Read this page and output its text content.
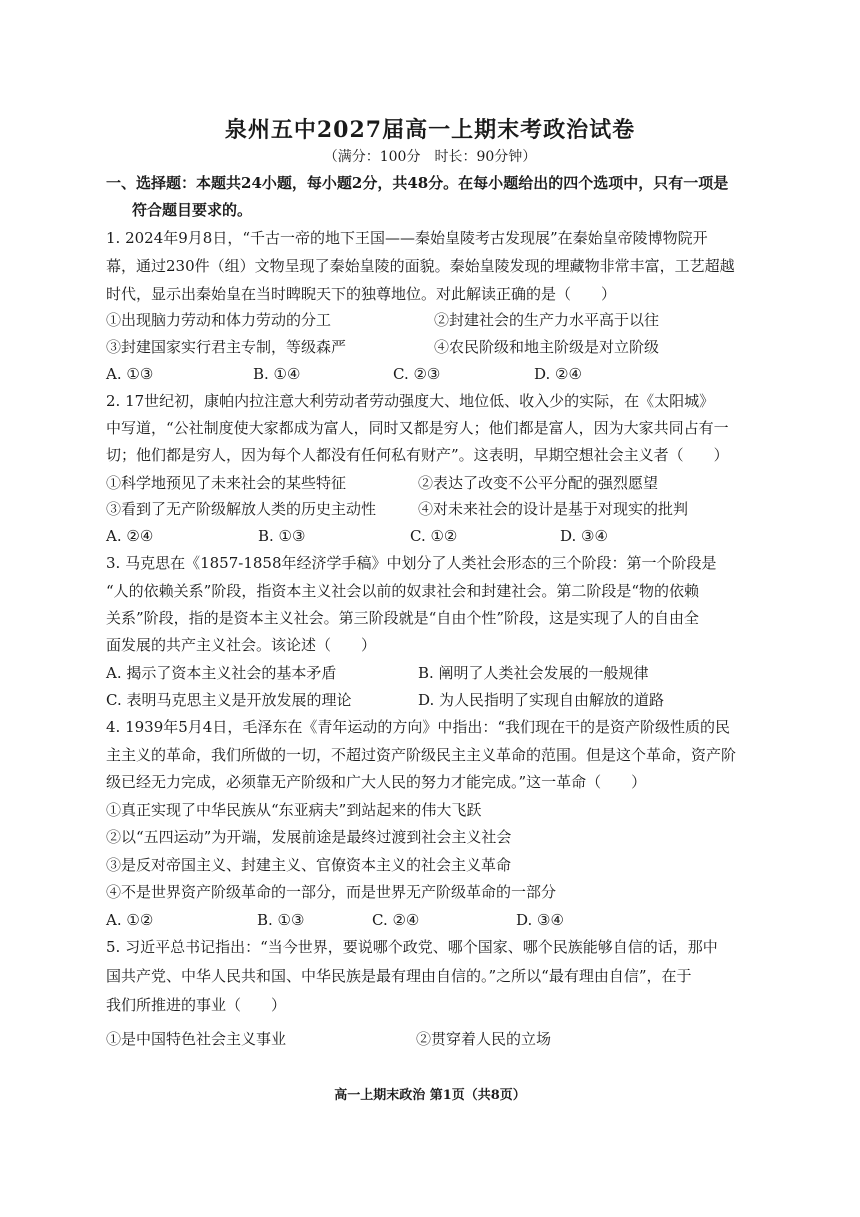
泉州五中2027届高一上期末考政治试卷
（满分：100分　时长：90分钟）
一、选择题：本题共24小题，每小题2分，共48分。在每小题给出的四个选项中，只有一项是
符合题目要求的。
1. 2024年9月8日，“千古一帝的地下王国——秦始皇陵考古发现展”在秦始皇帝陵博物院开
幕，通过230件（组）文物呈现了秦始皇陵的面貌。秦始皇陵发现的埋藏物非常丰富，工艺超越
时代，显示出秦始皇在当时睥睨天下的独尊地位。对此解读正确的是（　　）
①出现脑力劳动和体力劳动的分工	②封建社会的生产力水平高于以往
③封建国家实行君主专制，等级森严	④农民阶级和地主阶级是对立阶级
A. ①③	B. ①④	C. ②③	D. ②④
2. 17世纪初，康帕内拉注意大利劳动者劳动强度大、地位低、收入少的实际，在《太阳城》
中写道，“公社制度使大家都成为富人，同时又都是穷人；他们都是富人，因为大家共同占有一
切；他们都是穷人，因为每个人都没有任何私有财产”。这表明，早期空想社会主义者（　　）
①科学地预见了未来社会的某些特征	②表达了改变不公平分配的强烈愿望
③看到了无产阶级解放人类的历史主动性	④对未来社会的设计是基于对现实的批判
A. ②④	B. ①③	C. ①②	D. ③④
3. 马克思在《1857-1858年经济学手稿》中划分了人类社会形态的三个阶段：第一个阶段是
“人的依赖关系”阶段，指资本主义社会以前的奴隶社会和封建社会。第二阶段是“物的依赖
关系”阶段，指的是资本主义社会。第三阶段就是“自由个性”阶段，这是实现了人的自由全
面发展的共产主义社会。该论述（　　）
A. 揭示了资本主义社会的基本矛盾	B. 阐明了人类社会发展的一般规律
C. 表明马克思主义是开放发展的理论	D. 为人民指明了实现自由解放的道路
4. 1939年5月4日，毛泽东在《青年运动的方向》中指出：“我们现在干的是资产阶级性质的民
主主义的革命，我们所做的一切，不超过资产阶级民主主义革命的范围。但是这个革命，资产阶
级已经无力完成，必须靠无产阶级和广大人民的努力才能完成。”这一革命（　　）
①真正实现了中华民族从“东亚病夫”到站起来的伟大飞跃
②以“五四运动”为开端，发展前途是最终过渡到社会主义社会
③是反对帝国主义、封建主义、官僚资本主义的社会主义革命
④不是世界资产阶级革命的一部分，而是世界无产阶级革命的一部分
A. ①②	B. ①③	C. ②④	D. ③④
5. 习近平总书记指出：“当今世界，要说哪个政党、哪个国家、哪个民族能够自信的话，那中
国共产党、中华人民共和国、中华民族是最有理由自信的。”之所以“最有理由自信”，在于
我们所推进的事业（　　）
①是中国特色社会主义事业	②贯穿着人民的立场
高一上期末政治 第1页（共8页）
